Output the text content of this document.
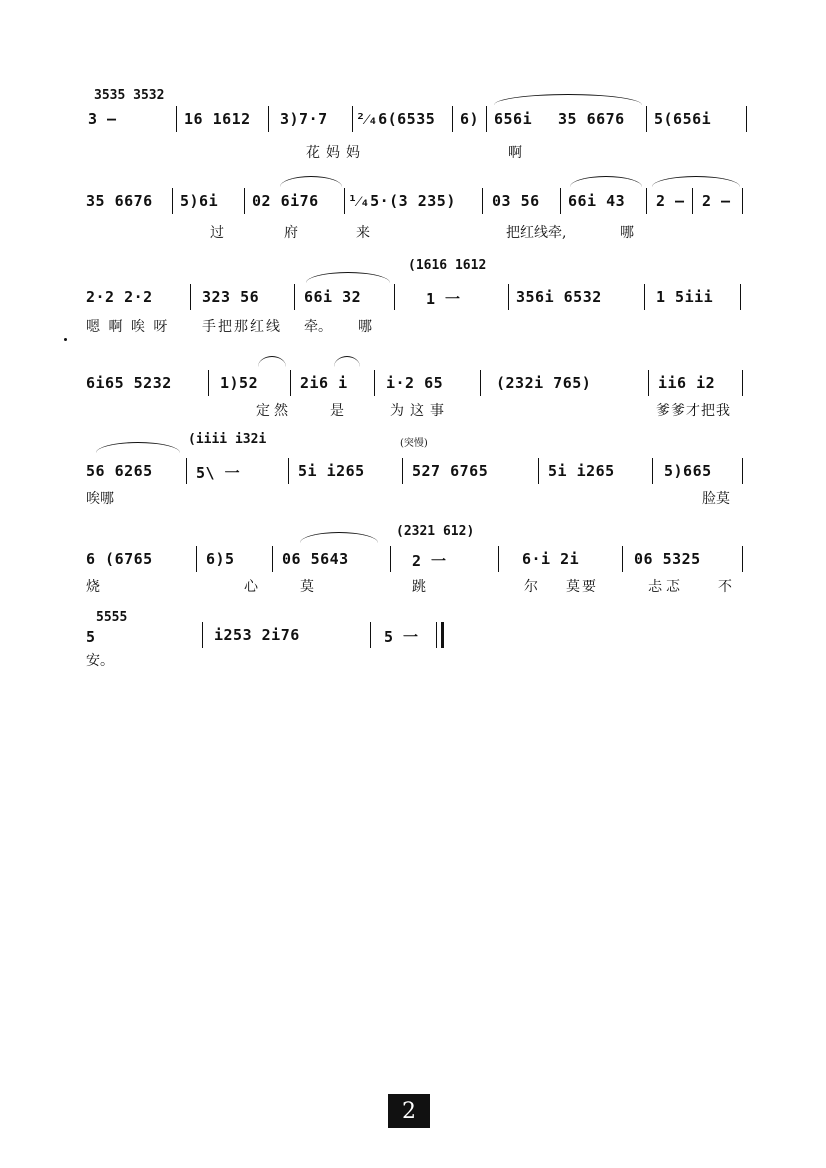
3535 3532
3 –	16 1612 3)7·7 ²⁄₄6(6535 6) 656i 35 6676 5(656i
花妈妈	啊
35 6676 5)6i 02 6i76 ¹⁄₄5·(3 235) 03 56 66i 43 2 – 2 –
过	府	来	把红线牵,	哪
(1616 1612
2·2 2·2	323 56	66i 32	1 一	356i 6532	1 5iii
嗯 啊 唉 呀 手把那红线 牵。 哪
6i65 5232	1)52	2i6 i	i·2 65	(232i 765)	ii6 i2
定然	是	为这事	爹爹才把我
(iiii i32i	(突慢)
56 6265	5\ 一	5i i265	527 6765	5i i265	5)665
唉哪	脸莫
(2321 612)
6 (6765	6)5	06 5643	2 一	6·i 2i	06 5325
烧	心	莫	跳	尔 莫要	忐忑 不
5555
5	i253 2i76	5 一
安。
2
